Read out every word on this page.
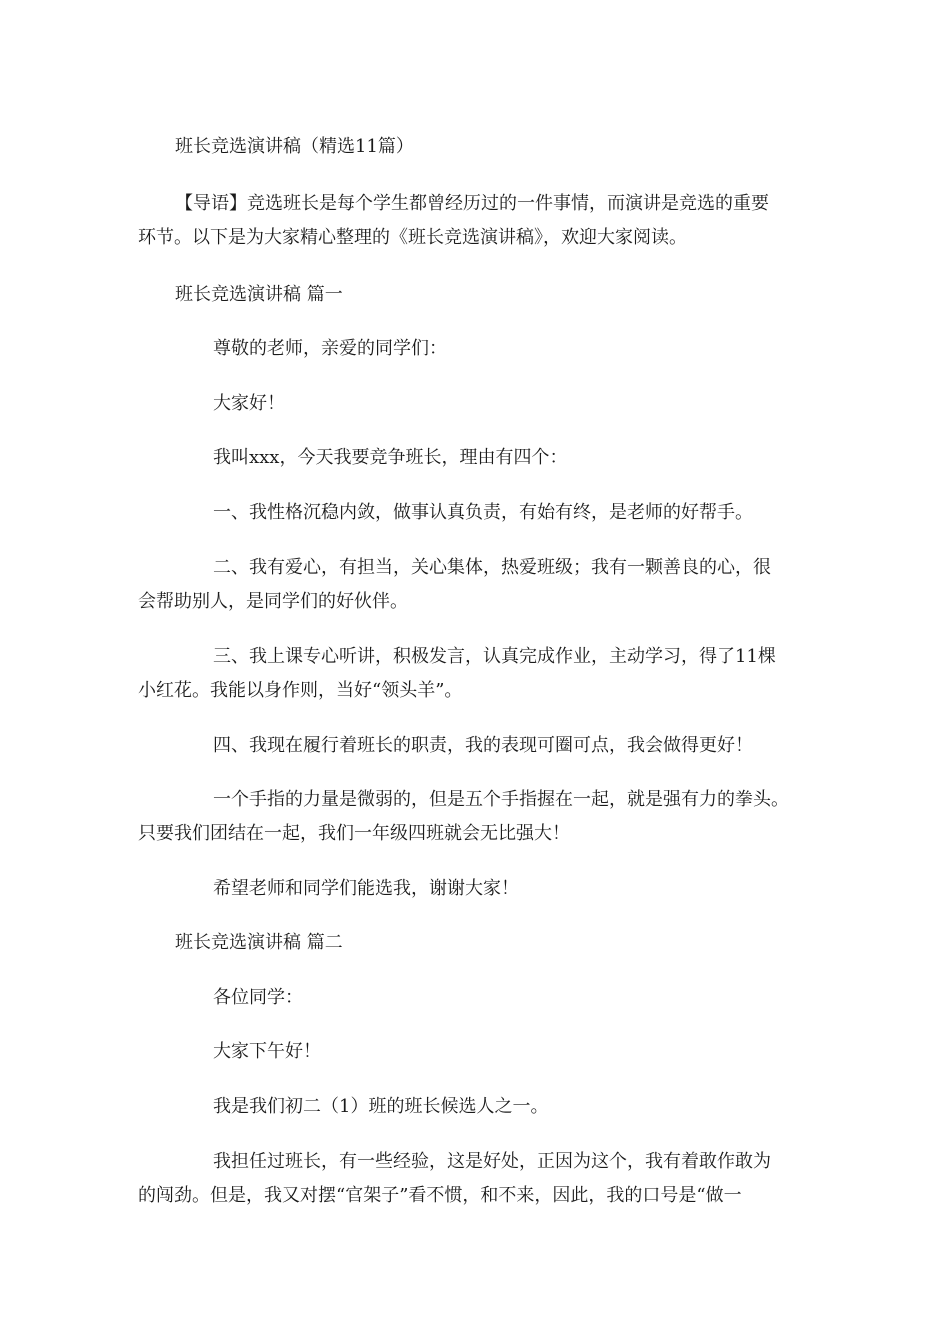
班长竞选演讲稿（精选11篇）

【导语】竞选班长是每个学生都曾经历过的一件事情，而演讲是竞选的重要

环节。以下是为大家精心整理的《班长竞选演讲稿》，欢迎大家阅读。

班长竞选演讲稿 篇一

尊敬的老师，亲爱的同学们：

大家好！

我叫xxx，今天我要竞争班长，理由有四个：

一、我性格沉稳内敛，做事认真负责，有始有终，是老师的好帮手。

二、我有爱心，有担当，关心集体，热爱班级；我有一颗善良的心，很

会帮助别人，是同学们的好伙伴。

三、我上课专心听讲，积极发言，认真完成作业，主动学习，得了11棵

小红花。我能以身作则，当好“领头羊”。

四、我现在履行着班长的职责，我的表现可圈可点，我会做得更好！

一个手指的力量是微弱的，但是五个手指握在一起，就是强有力的拳头。

只要我们团结在一起，我们一年级四班就会无比强大！

希望老师和同学们能选我，谢谢大家！

班长竞选演讲稿 篇二

各位同学：

大家下午好！

我是我们初二（1）班的班长候选人之一。

我担任过班长，有一些经验，这是好处，正因为这个，我有着敢作敢为

的闯劲。但是，我又对摆“官架子”看不惯，和不来，因此，我的口号是“做一
